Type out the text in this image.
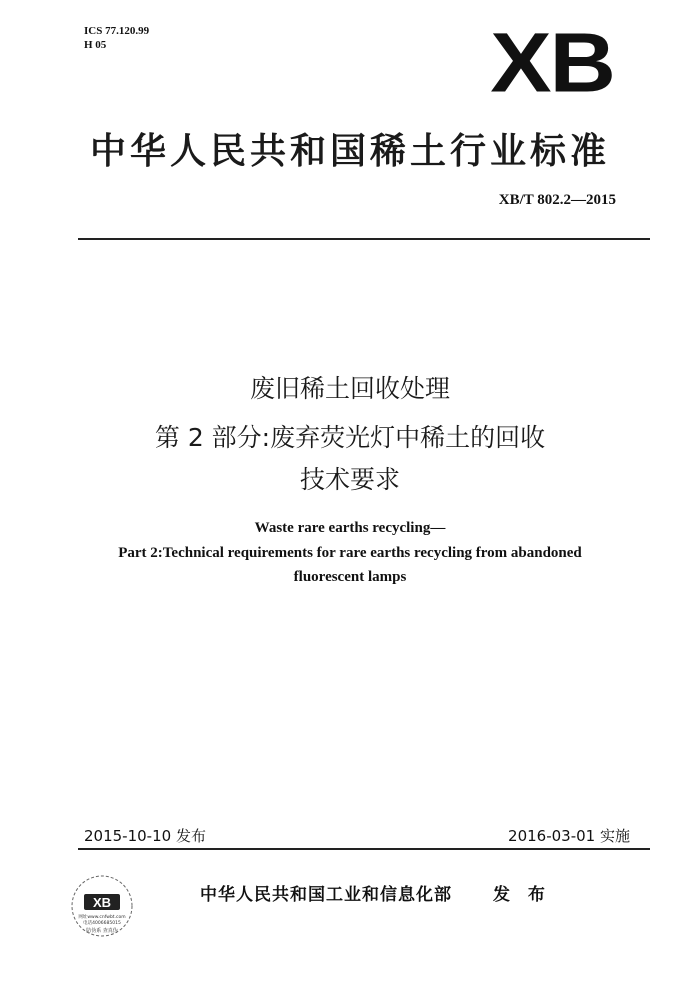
ICS 77.120.99
H 05	XB
中华人民共和国稀土行业标准
XB/T 802.2—2015
废旧稀土回收处理
第 2 部分:废弃荧光灯中稀土的回收
技术要求
Waste rare earths recycling—
Part 2:Technical requirements for rare earths recycling from abandoned
fluorescent lamps
2015-10-10 发布	2016-03-01 实施
XB
网址www.cnfwbt.com
电话4006685015
防伪系 查真伪
中华人民共和国工业和信息化部 发 布
